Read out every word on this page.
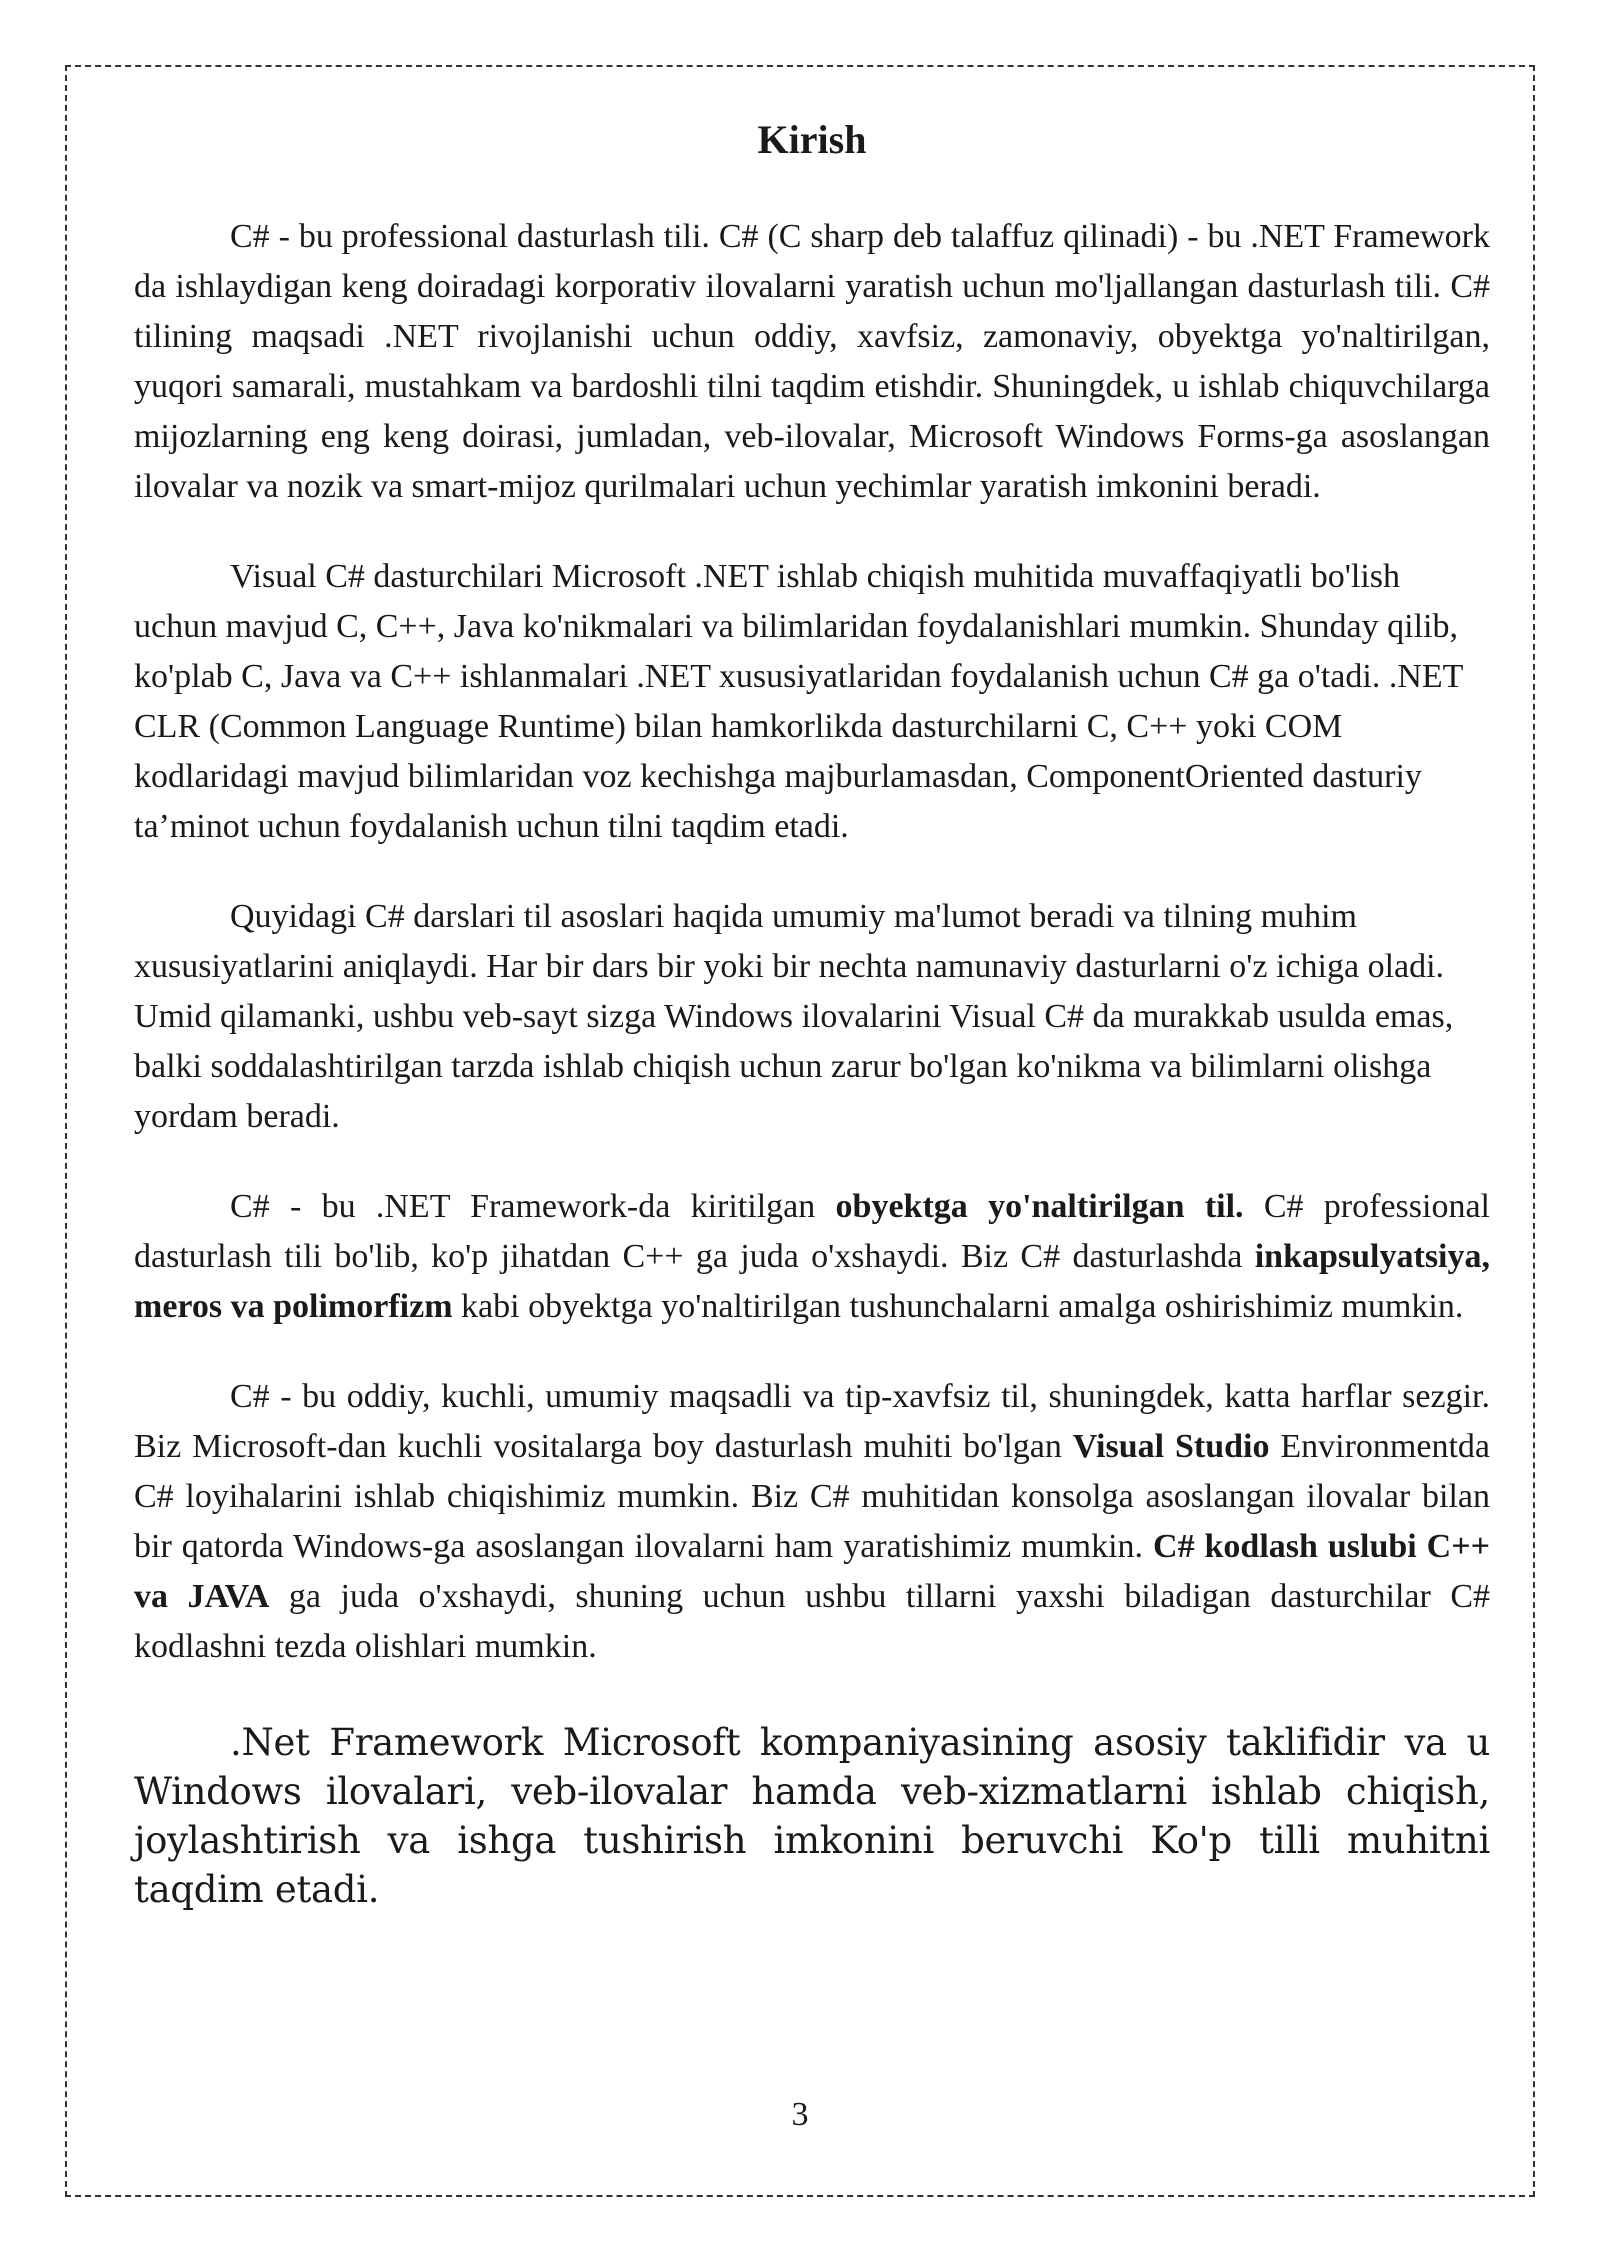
Kirish

C# - bu professional dasturlash tili. C# (C sharp deb talaffuz qilinadi) - bu .NET Framework da ishlaydigan keng doiradagi korporativ ilovalarni yaratish uchun mo'ljallangan dasturlash tili. C# tilining maqsadi .NET rivojlanishi uchun oddiy, xavfsiz, zamonaviy, obyektga yo'naltirilgan, yuqori samarali, mustahkam va bardoshli tilni taqdim etishdir. Shuningdek, u ishlab chiquvchilarga mijozlarning eng keng doirasi, jumladan, veb-ilovalar, Microsoft Windows Forms-ga asoslangan ilovalar va nozik va smart-mijoz qurilmalari uchun yechimlar yaratish imkonini beradi.

Visual C# dasturchilari Microsoft .NET ishlab chiqish muhitida muvaffaqiyatli bo'lish uchun mavjud C, C++, Java ko'nikmalari va bilimlaridan foydalanishlari mumkin. Shunday qilib, ko'plab C, Java va C++ ishlanmalari .NET xususiyatlaridan foydalanish uchun C# ga o'tadi. .NET CLR (Common Language Runtime) bilan hamkorlikda dasturchilarni C, C++ yoki COM kodlaridagi mavjud bilimlaridan voz kechishga majburlamasdan, ComponentOriented dasturiy ta’minot uchun foydalanish uchun tilni taqdim etadi.

Quyidagi C# darslari til asoslari haqida umumiy ma'lumot beradi va tilning muhim xususiyatlarini aniqlaydi. Har bir dars bir yoki bir nechta namunaviy dasturlarni o'z ichiga oladi. Umid qilamanki, ushbu veb-sayt sizga Windows ilovalarini Visual C# da murakkab usulda emas, balki soddalashtirilgan tarzda ishlab chiqish uchun zarur bo'lgan ko'nikma va bilimlarni olishga yordam beradi.

C# - bu .NET Framework-da kiritilgan obyektga yo'naltirilgan til. C# professional dasturlash tili bo'lib, ko'p jihatdan C++ ga juda o'xshaydi. Biz C# dasturlashda inkapsulyatsiya, meros va polimorfizm kabi obyektga yo'naltirilgan tushunchalarni amalga oshirishimiz mumkin.

C# - bu oddiy, kuchli, umumiy maqsadli va tip-xavfsiz til, shuningdek, katta harflar sezgir. Biz Microsoft-dan kuchli vositalarga boy dasturlash muhiti bo'lgan Visual Studio Environmentda C# loyihalarini ishlab chiqishimiz mumkin. Biz C# muhitidan konsolga asoslangan ilovalar bilan bir qatorda Windows-ga asoslangan ilovalarni ham yaratishimiz mumkin. C# kodlash uslubi C++ va JAVA ga juda o'xshaydi, shuning uchun ushbu tillarni yaxshi biladigan dasturchilar C# kodlashni tezda olishlari mumkin.

.Net Framework Microsoft kompaniyasining asosiy taklifidir va u Windows ilovalari, veb-ilovalar hamda veb-xizmatlarni ishlab chiqish, joylashtirish va ishga tushirish imkonini beruvchi Ko'p tilli muhitni taqdim etadi.

3
